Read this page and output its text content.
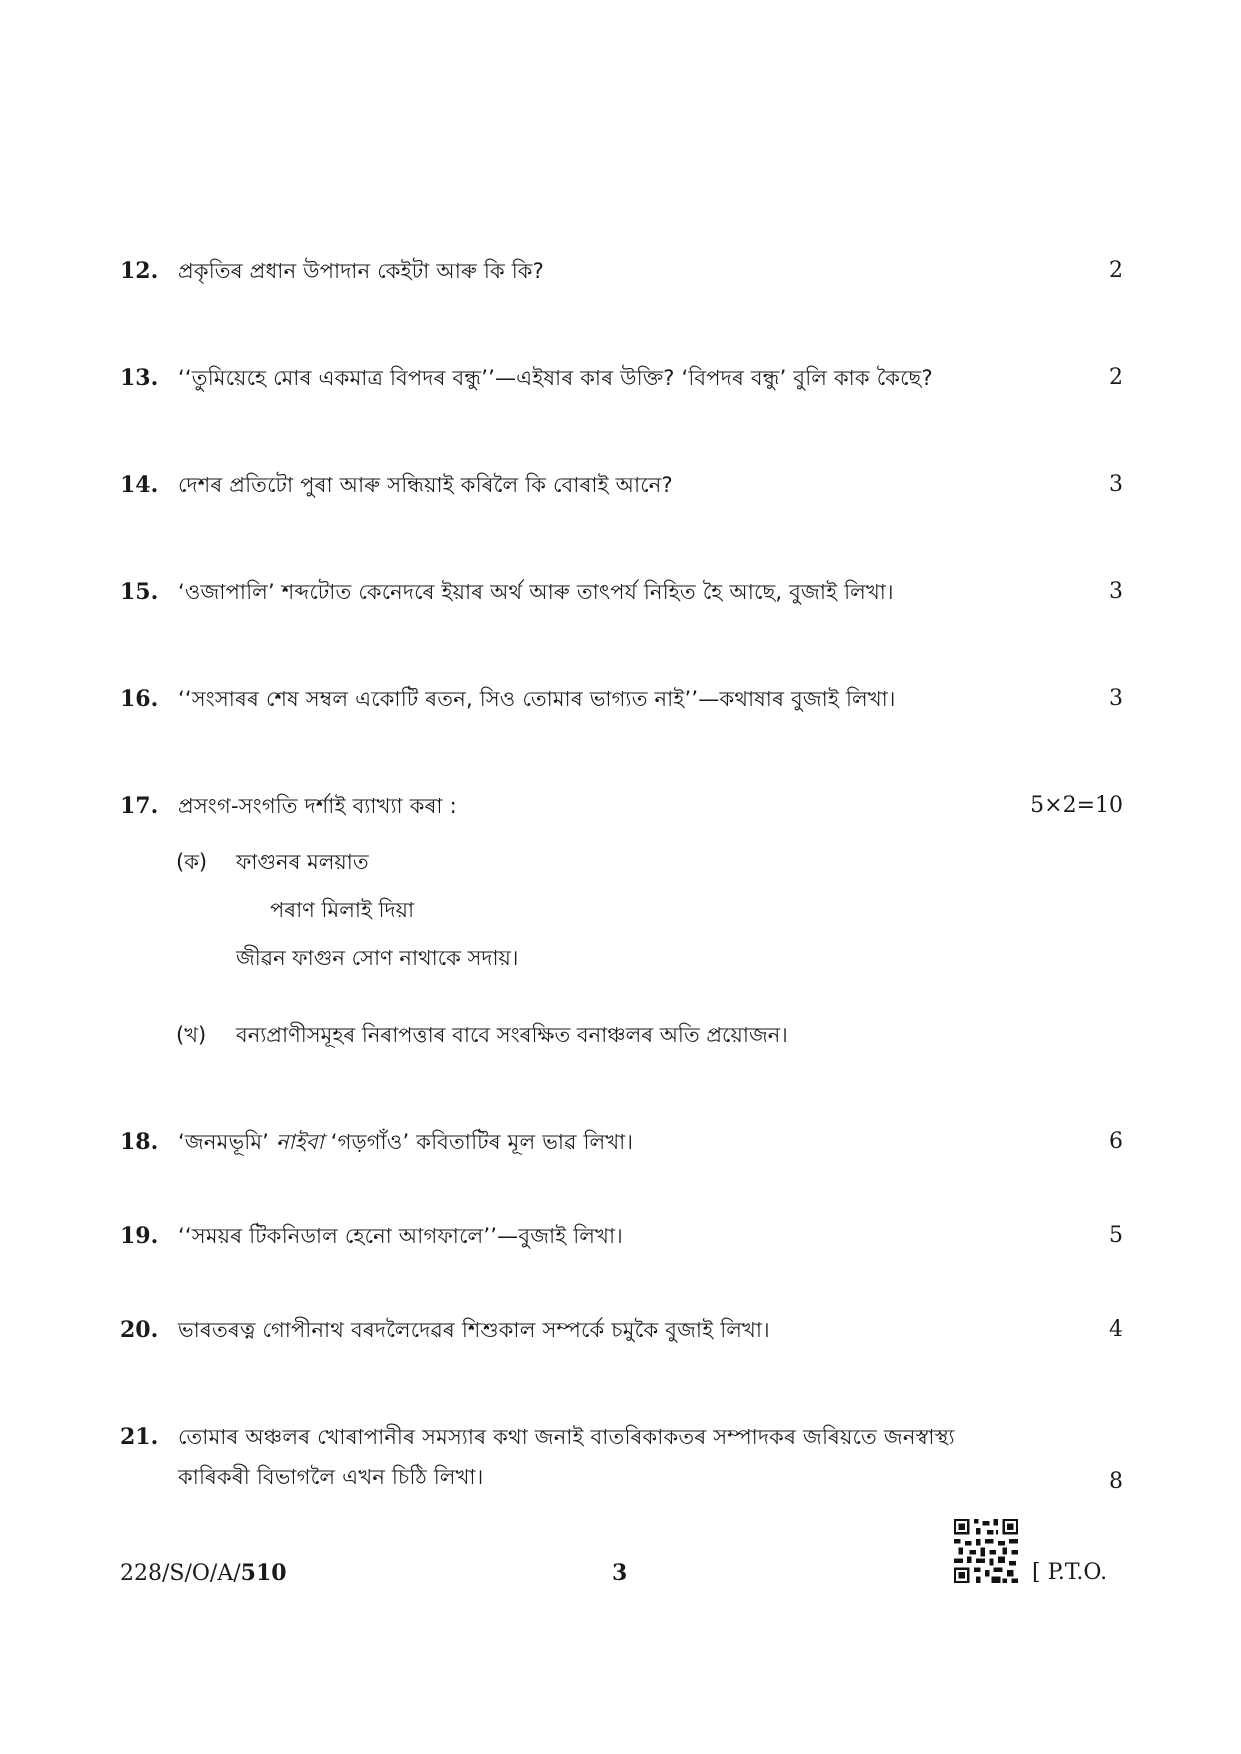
12. প্ৰকৃতিৰ প্ৰধান উপাদান কেইটা আৰু কি কি?	2
13. ‘‘তুমিয়েহে মোৰ একমাত্ৰ বিপদৰ বন্ধু’’—এইষাৰ কাৰ উক্তি? ‘বিপদৰ বন্ধু’ বুলি কাক কৈছে?	2
14. দেশৰ প্ৰতিটো পুৰা আৰু সন্ধিয়াই কৰিলৈ কি বোৰাই আনে?	3
15. ‘ওজাপালি’ শব্দটোত কেনেদৰে ইয়াৰ অৰ্থ আৰু তাৎপৰ্য নিহিত হৈ আছে, বুজাই লিখা।	3
16. ‘‘সংসাৰৰ শেষ সম্বল একোটি ৰতন, সিও তোমাৰ ভাগ্যত নাই’’—কথাষাৰ বুজাই লিখা।	3
17. প্ৰসংগ-সংগতি দৰ্শাই ব্যাখ্যা কৰা :	5×2=10
(ক) ফাগুনৰ মলয়াত
পৰাণ মিলাই দিয়া
জীৱন ফাগুন সোণ নাথাকে সদায়।
(খ) বন্যপ্ৰাণীসমূহৰ নিৰাপত্তাৰ বাবে সংৰক্ষিত বনাঞ্চলৰ অতি প্ৰয়োজন।
18. ‘জনমভূমি’ নাইবা ‘গড়গাঁও’ কবিতাটিৰ মূল ভাৱ লিখা।	6
19. ‘‘সময়ৰ টিকনিডাল হেনো আগফালে’’—বুজাই লিখা।	5
20. ভাৰতৰত্ন গোপীনাথ বৰদলৈদেৱৰ শিশুকাল সম্পৰ্কে চমুকৈ বুজাই লিখা।	4
21. তোমাৰ অঞ্চলৰ খোৰাপানীৰ সমস্যাৰ কথা জনাই বাতৰিকাকতৰ সম্পাদকৰ জৰিয়তে জনস্বাস্থ্য
কাৰিকৰী বিভাগলৈ এখন চিঠি লিখা।	8
228/S/O/A/510	3	[ P.T.O.
